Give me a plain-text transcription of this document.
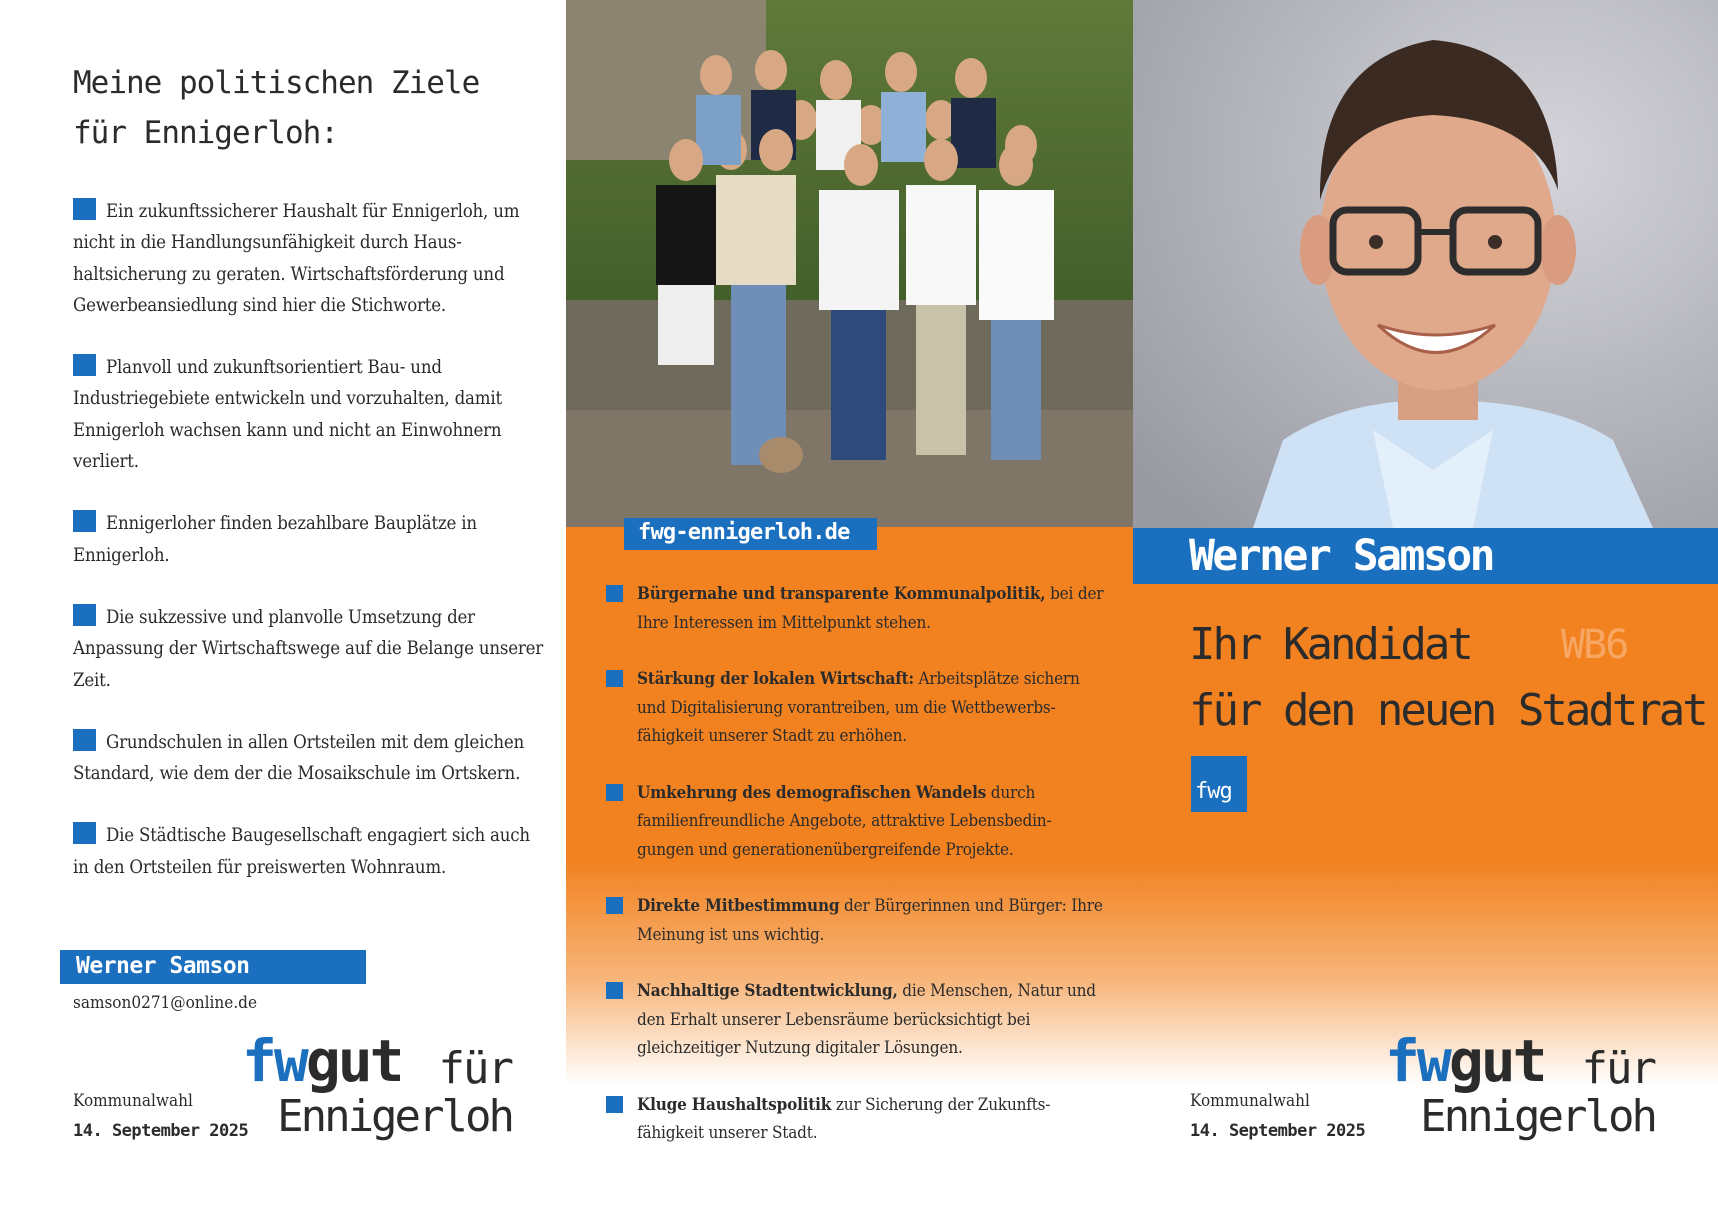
Meine politischen Ziele
für Ennigerloh:

Ein zukunftssicherer Haushalt für Ennigerloh, um nicht in die Handlungsunfähigkeit durch Haus-haltsicherung zu geraten. Wirtschaftsförderung und Gewerbeansiedlung sind hier die Stichworte.

Planvoll und zukunftsorientiert Bau- und Industriegebiete entwickeln und vorzuhalten, damit Ennigerloh wachsen kann und nicht an Einwohnern verliert.

Ennigerloher finden bezahlbare Bauplätze in Ennigerloh.

Die sukzessive und planvolle Umsetzung der Anpassung der Wirtschaftswege auf die Belange unserer Zeit.

Grundschulen in allen Ortsteilen mit dem gleichen Standard, wie dem der die Mosaikschule im Ortskern.

Die Städtische Baugesellschaft engagiert sich auch in den Ortsteilen für preiswerten Wohnraum.

Werner Samson
samson0271@online.de
Kommunalwahl
14. September 2025
fwgut für
Ennigerloh
fwg-ennigerloh.de

Bürgernahe und transparente Kommunalpolitik, bei der Ihre Interessen im Mittelpunkt stehen.

Stärkung der lokalen Wirtschaft: Arbeitsplätze sichern und Digitalisierung vorantreiben, um die Wettbewerbs-fähigkeit unserer Stadt zu erhöhen.

Umkehrung des demografischen Wandels durch familienfreundliche Angebote, attraktive Lebensbedin-gungen und generationenübergreifende Projekte.

Direkte Mitbestimmung der Bürgerinnen und Bürger: Ihre Meinung ist uns wichtig.

Nachhaltige Stadtentwicklung, die Menschen, Natur und den Erhalt unserer Lebensräume berücksichtigt bei gleichzeitiger Nutzung digitaler Lösungen.

Kluge Haushaltspolitik zur Sicherung der Zukunfts-fähigkeit unserer Stadt.

Werner Samson
Ihr Kandidat
für den neuen Stadtrat
WB6
fwg
Kommunalwahl
14. September 2025
fwgut für
Ennigerloh
